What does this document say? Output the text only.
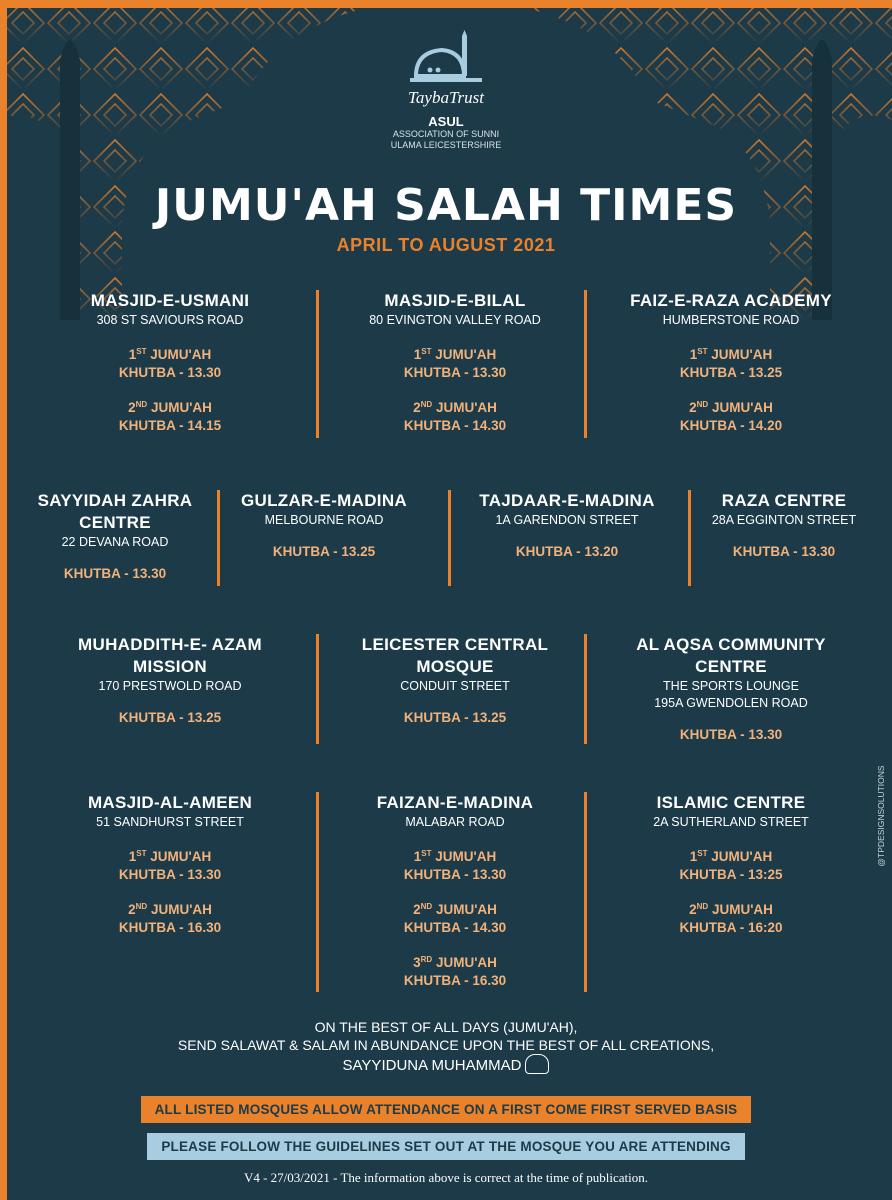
TaybaTrust
ASUL
ASSOCIATION OF SUNNI
ULAMA LEICESTERSHIRE
JUMU'AH SALAH TIMES
APRIL TO AUGUST 2021
MASJID-E-USMANI
308 ST SAVIOURS ROAD
1ST JUMU'AH
KHUTBA - 13.30
2ND JUMU'AH
KHUTBA - 14.15
MASJID-E-BILAL
80 EVINGTON VALLEY ROAD
1ST JUMU'AH
KHUTBA - 13.30
2ND JUMU'AH
KHUTBA - 14.30
FAIZ-E-RAZA ACADEMY
HUMBERSTONE ROAD
1ST JUMU'AH
KHUTBA - 13.25
2ND JUMU'AH
KHUTBA - 14.20
SAYYIDAH ZAHRA
CENTRE
22 DEVANA ROAD
KHUTBA - 13.30
GULZAR-E-MADINA
MELBOURNE ROAD
KHUTBA - 13.25
TAJDAAR-E-MADINA
1A GARENDON STREET
KHUTBA - 13.20
RAZA CENTRE
28A EGGINTON STREET
KHUTBA - 13.30
MUHADDITH-E- AZAM
MISSION
170 PRESTWOLD ROAD
KHUTBA - 13.25
LEICESTER CENTRAL
MOSQUE
CONDUIT STREET
KHUTBA - 13.25
AL AQSA COMMUNITY
CENTRE
THE SPORTS LOUNGE
195A GWENDOLEN ROAD
KHUTBA - 13.30
MASJID-AL-AMEEN
51 SANDHURST STREET
1ST JUMU'AH
KHUTBA - 13.30
2ND JUMU'AH
KHUTBA - 16.30
FAIZAN-E-MADINA
MALABAR ROAD
1ST JUMU'AH
KHUTBA - 13.30
2ND JUMU'AH
KHUTBA - 14.30
3RD JUMU'AH
KHUTBA - 16.30
ISLAMIC CENTRE
2A SUTHERLAND STREET
1ST JUMU'AH
KHUTBA - 13:25
2ND JUMU'AH
KHUTBA - 16:20
ON THE BEST OF ALL DAYS (JUMU'AH),
SEND SALAWAT & SALAM IN ABUNDANCE UPON THE BEST OF ALL CREATIONS,
SAYYIDUNA MUHAMMAD
ALL LISTED MOSQUES ALLOW ATTENDANCE ON A FIRST COME FIRST SERVED BASIS
PLEASE FOLLOW THE GUIDELINES SET OUT AT THE MOSQUE YOU ARE ATTENDING
V4 - 27/03/2021 - The information above is correct at the time of publication.
@TPDESIGNSOLUTIONS
